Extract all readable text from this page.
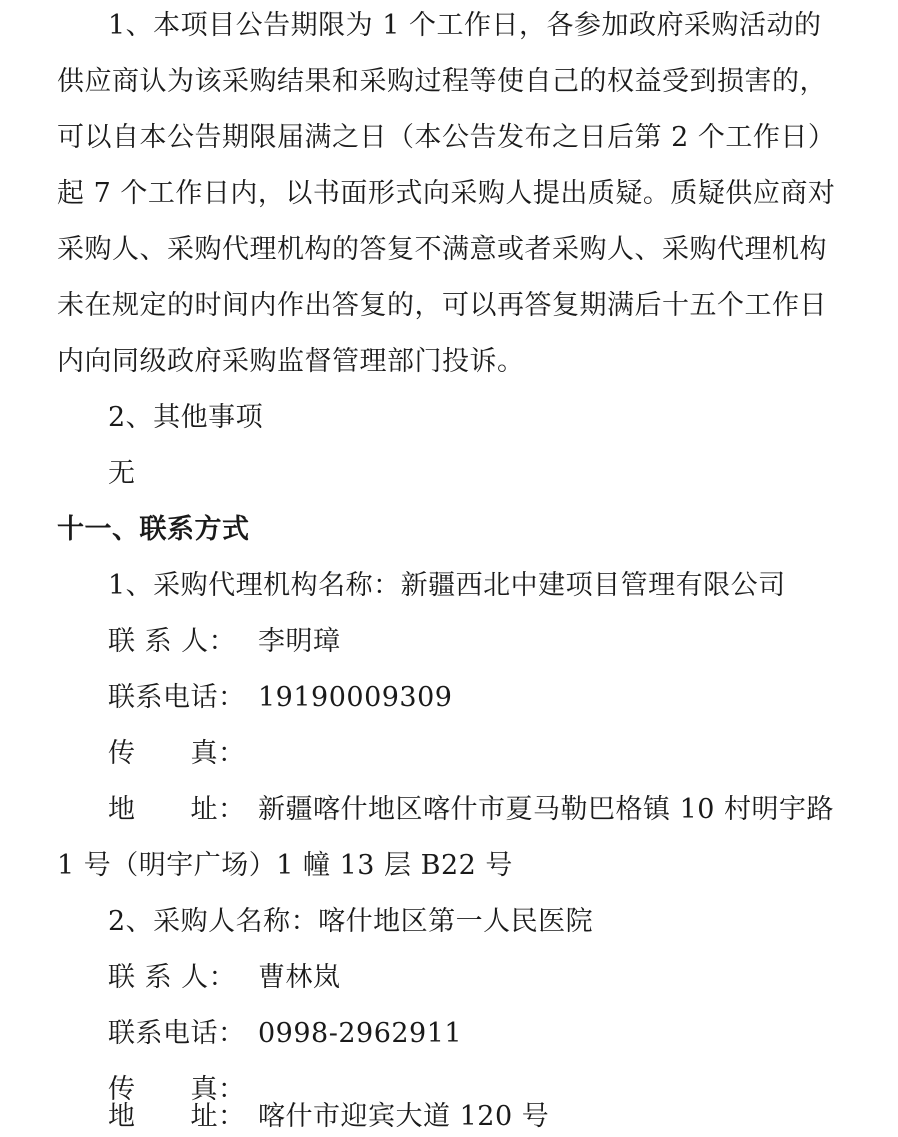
1、本项目公告期限为 1 个工作日，各参加政府采购活动的
供应商认为该采购结果和采购过程等使自己的权益受到损害的，
可以自本公告期限届满之日（本公告发布之日后第 2 个工作日）
起 7 个工作日内，以书面形式向采购人提出质疑。质疑供应商对
采购人、采购代理机构的答复不满意或者采购人、采购代理机构
未在规定的时间内作出答复的，可以再答复期满后十五个工作日
内向同级政府采购监督管理部门投诉。
2、其他事项
无
十一、联系方式
1、采购代理机构名称：新疆西北中建项目管理有限公司
联 系 人： 李明璋
联系电话： 19190009309
传　　真：
地　　址： 新疆喀什地区喀什市夏马勒巴格镇 10 村明宇路
1 号（明宇广场）1 幢 13 层 B22 号
2、采购人名称：喀什地区第一人民医院
联 系 人： 曹林岚
联系电话： 0998-2962911
传　　真：
地　　址： 喀什市迎宾大道 120 号
